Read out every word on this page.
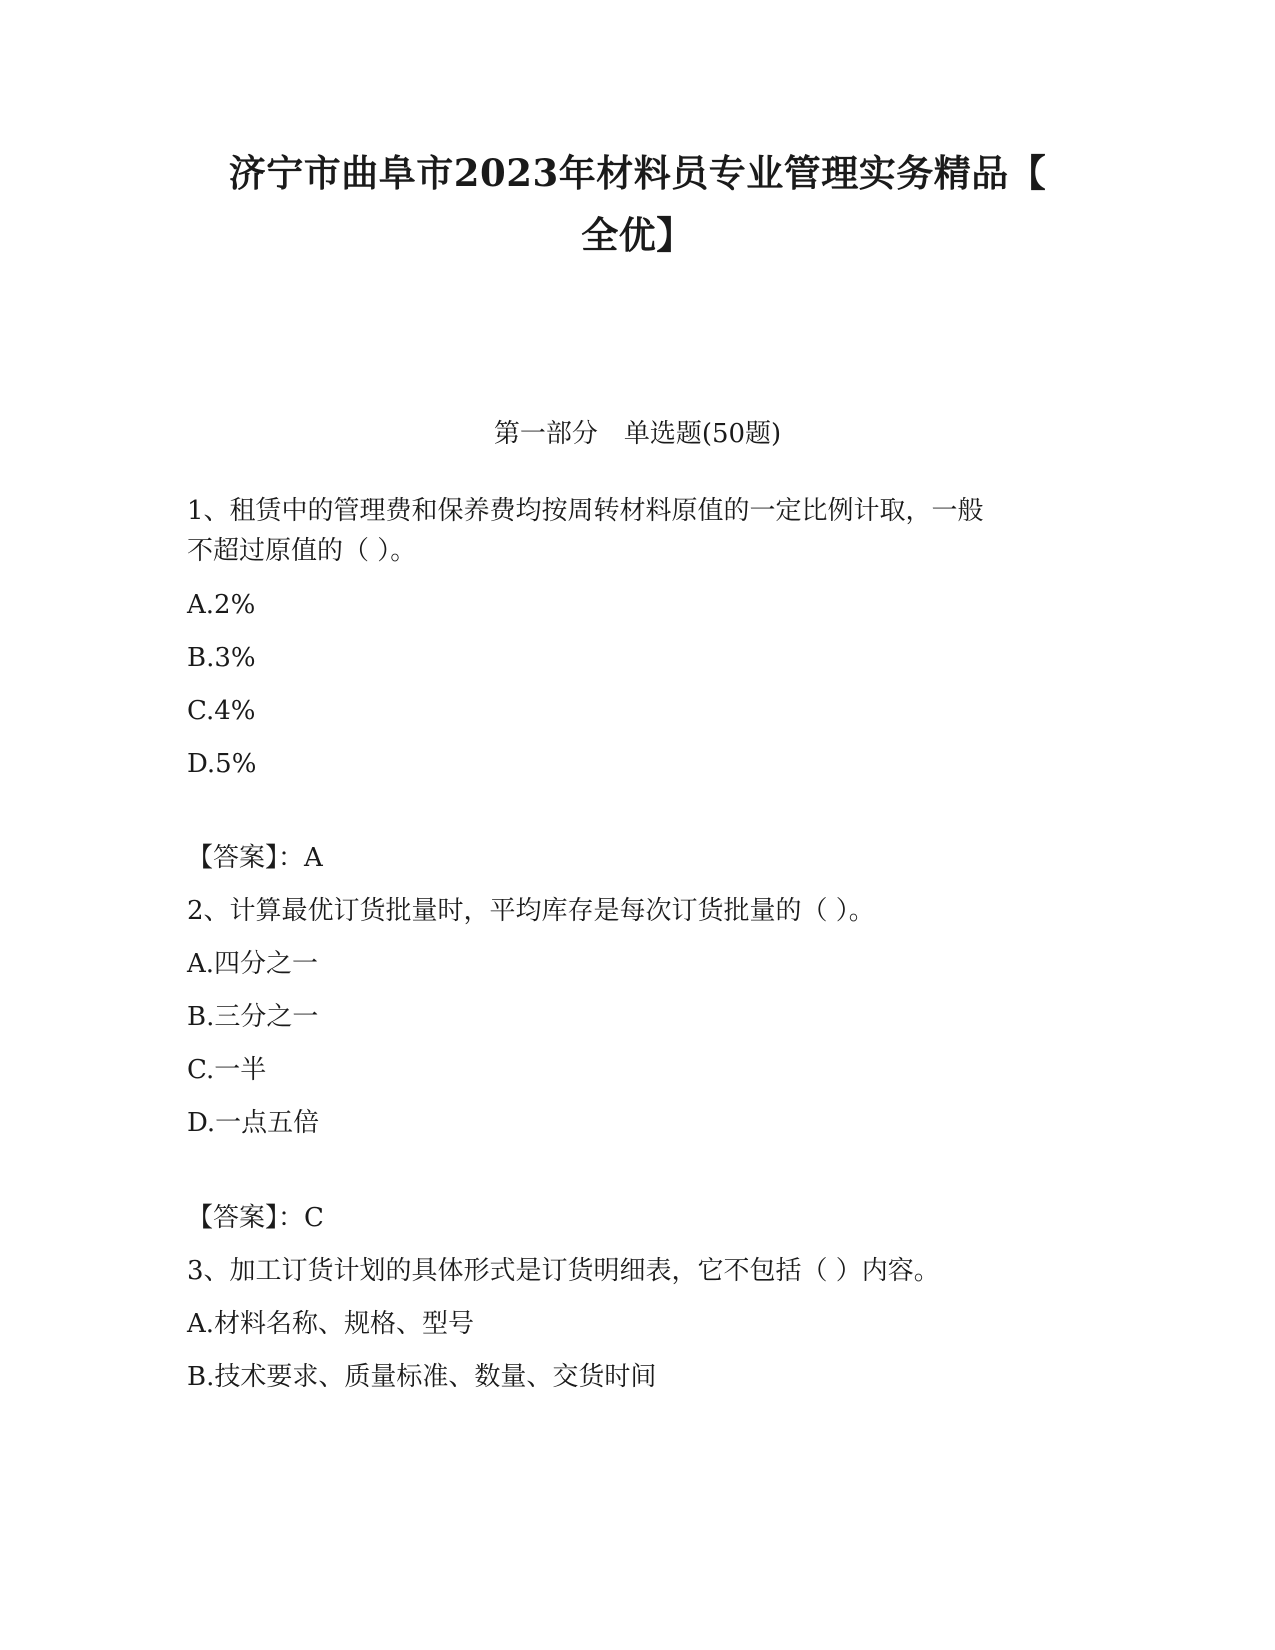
济宁市曲阜市2023年材料员专业管理实务精品【
全优】
第一部分　单选题(50题)

1、租赁中的管理费和保养费均按周转材料原值的一定比例计取，一般

不超过原值的（ ）。

A.2%

B.3%

C.4%

D.5%

【答案】：A

2、计算最优订货批量时，平均库存是每次订货批量的（ ）。

A.四分之一

B.三分之一

C.一半

D.一点五倍

【答案】：C

3、加工订货计划的具体形式是订货明细表，它不包括（ ）内容。

A.材料名称、规格、型号

B.技术要求、质量标准、数量、交货时间
